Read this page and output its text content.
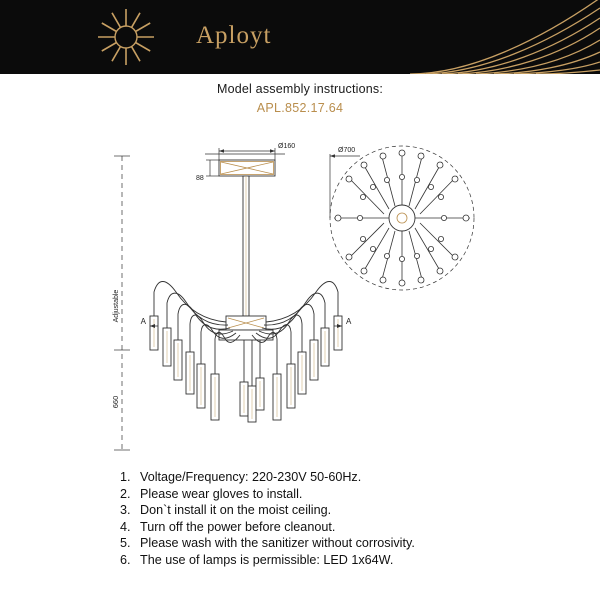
Aployt
Model assembly instructions:
APL.852.17.64
Adjustable
660
Ø160
88
A	A
Ø700
1. Voltage/Frequency: 220-230V 50-60Hz.
2. Please wear gloves to install.
3. Don`t install it on the moist ceiling.
4. Turn off the power before cleanout.
5. Please wash with the sanitizer without corrosivity.
6. The use of lamps is permissible: LED 1x64W.
